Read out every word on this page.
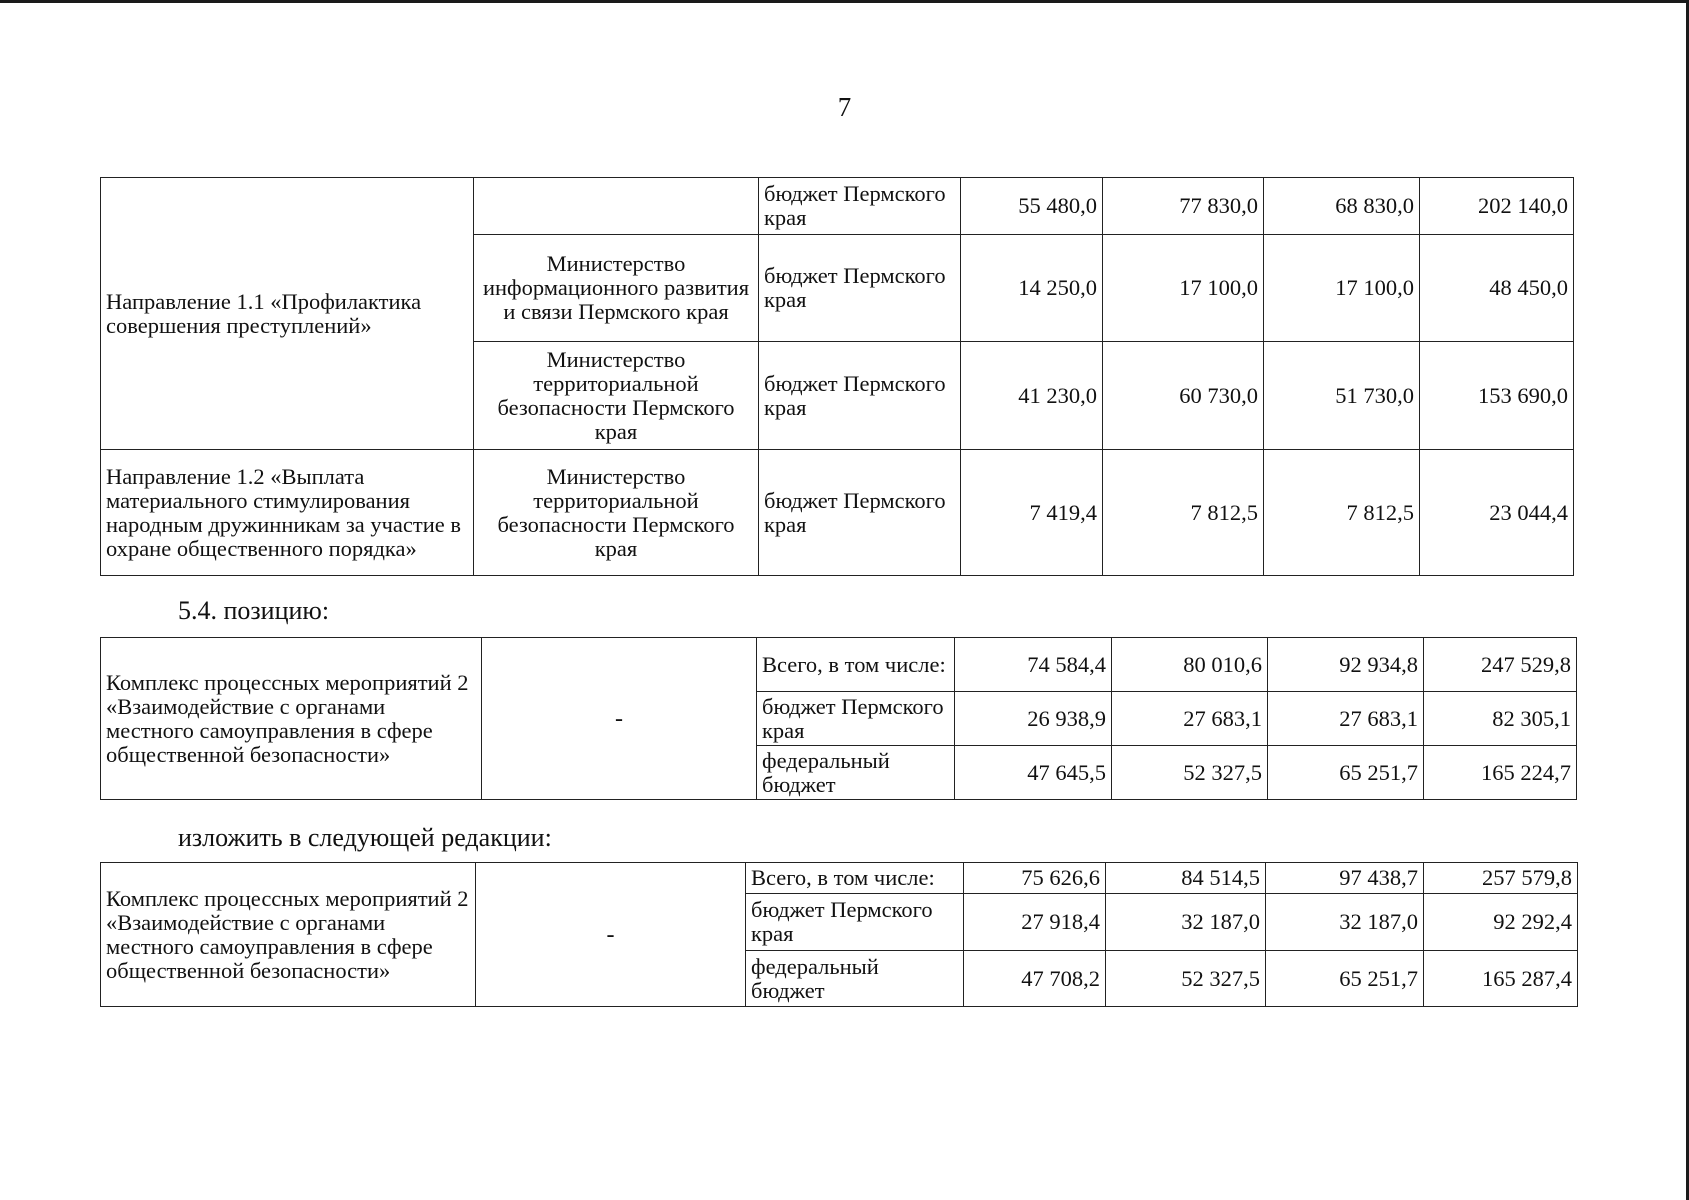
7
Направление 1.1 «Профилактика совершения преступлений»		бюджет Пермского края	55 480,0	77 830,0	68 830,0	202 140,0
	Министерство информационного развития и связи Пермского края	бюджет Пермского края	14 250,0	17 100,0	17 100,0	48 450,0
	Министерство территориальной безопасности Пермского края	бюджет Пермского края	41 230,0	60 730,0	51 730,0	153 690,0
Направление 1.2 «Выплата материального стимулирования народным дружинникам за участие в охране общественного порядка»	Министерство территориальной безопасности Пермского края	бюджет Пермского края	7 419,4	7 812,5	7 812,5	23 044,4
5.4. позицию:
Комплекс процессных мероприятий 2 «Взаимодействие с органами местного самоуправления в сфере общественной безопасности»	-	Всего, в том числе:	74 584,4	80 010,6	92 934,8	247 529,8
		бюджет Пермского края	26 938,9	27 683,1	27 683,1	82 305,1
		федеральный бюджет	47 645,5	52 327,5	65 251,7	165 224,7
изложить в следующей редакции:
Комплекс процессных мероприятий 2 «Взаимодействие с органами местного самоуправления в сфере общественной безопасности»	-	Всего, в том числе:	75 626,6	84 514,5	97 438,7	257 579,8
		бюджет Пермского края	27 918,4	32 187,0	32 187,0	92 292,4
		федеральный бюджет	47 708,2	52 327,5	65 251,7	165 287,4
